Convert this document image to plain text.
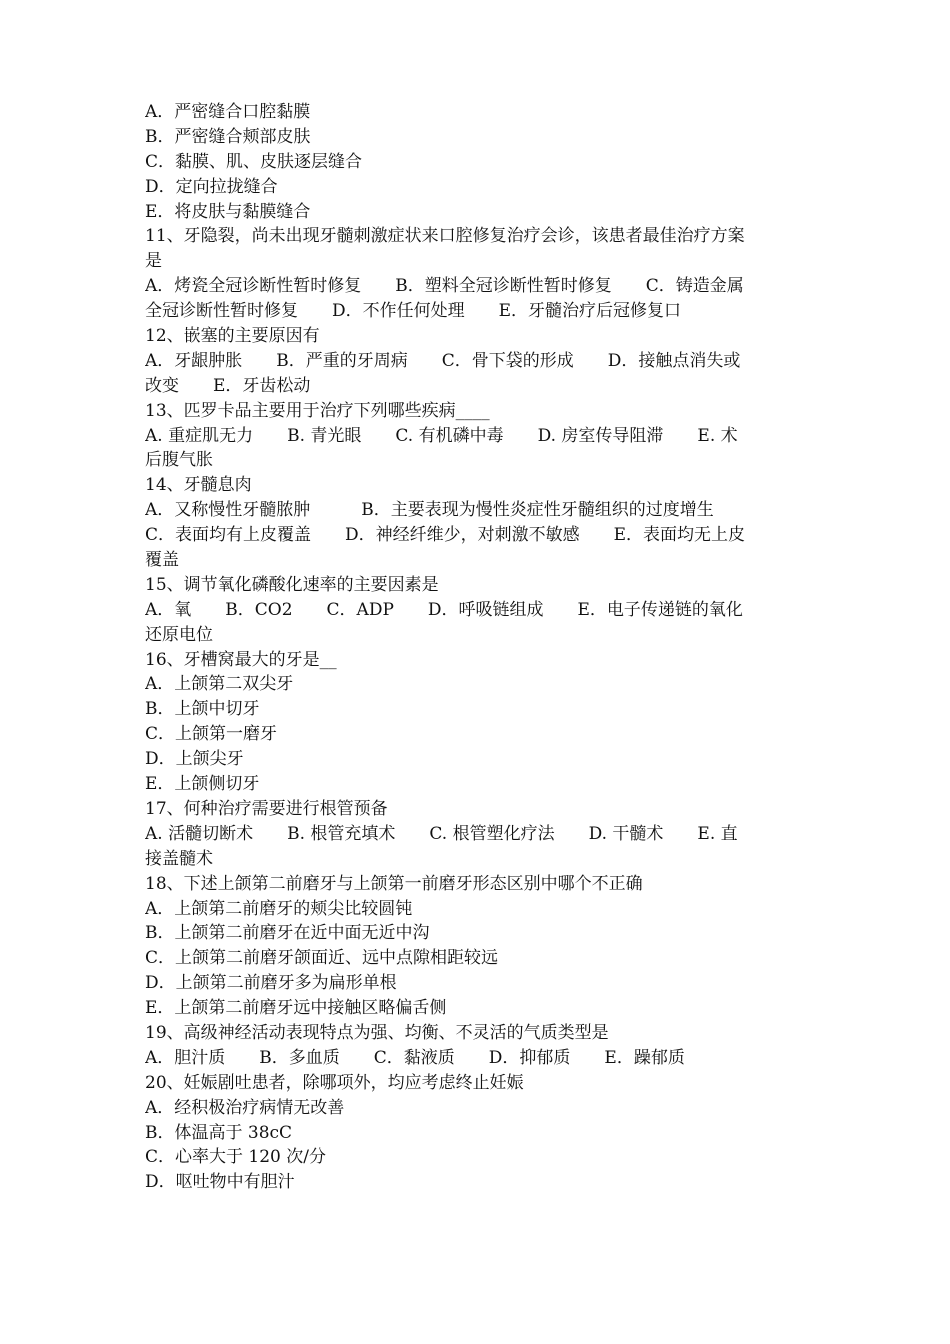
A．严密缝合口腔黏膜
B．严密缝合颊部皮肤
C．黏膜、肌、皮肤逐层缝合
D．定向拉拢缝合
E．将皮肤与黏膜缝合
11、牙隐裂，尚未出现牙髓刺激症状来口腔修复治疗会诊，该患者最佳治疗方案
是
A．烤瓷全冠诊断性暂时修复　　B．塑料全冠诊断性暂时修复　　C．铸造金属
全冠诊断性暂时修复　　D．不作任何处理　　E．牙髓治疗后冠修复口
12、嵌塞的主要原因有
A．牙龈肿胀　　B．严重的牙周病　　C．骨下袋的形成　　D．接触点消失或
改变　　E．牙齿松动
13、匹罗卡品主要用于治疗下列哪些疾病____
A. 重症肌无力　　B. 青光眼　　C. 有机磷中毒　　D. 房室传导阻滞　　E. 术
后腹气胀
14、牙髓息肉
A．又称慢性牙髓脓肿　　　B．主要表现为慢性炎症性牙髓组织的过度增生
C．表面均有上皮覆盖　　D．神经纤维少，对刺激不敏感　　E．表面均无上皮
覆盖
15、调节氧化磷酸化速率的主要因素是
A．氧　　B．CO2　　C．ADP　　D．呼吸链组成　　E．电子传递链的氧化
还原电位
16、牙槽窝最大的牙是__
A．上颌第二双尖牙
B．上颌中切牙
C．上颌第一磨牙
D．上颌尖牙
E．上颌侧切牙
17、何种治疗需要进行根管预备
A. 活髓切断术　　B. 根管充填术　　C. 根管塑化疗法　　D. 干髓术　　E. 直
接盖髓术
18、下述上颌第二前磨牙与上颌第一前磨牙形态区别中哪个不正确
A．上颌第二前磨牙的颊尖比较圆钝
B．上颌第二前磨牙在近中面无近中沟
C．上颌第二前磨牙颌面近、远中点隙相距较远
D．上颌第二前磨牙多为扁形单根
E．上颌第二前磨牙远中接触区略偏舌侧
19、高级神经活动表现特点为强、均衡、不灵活的气质类型是
A．胆汁质　　B．多血质　　C．黏液质　　D．抑郁质　　E．躁郁质
20、妊娠剧吐患者，除哪项外，均应考虑终止妊娠
A．经积极治疗病情无改善
B．体温高于 38cC
C．心率大于 120 次/分
D．呕吐物中有胆汁
